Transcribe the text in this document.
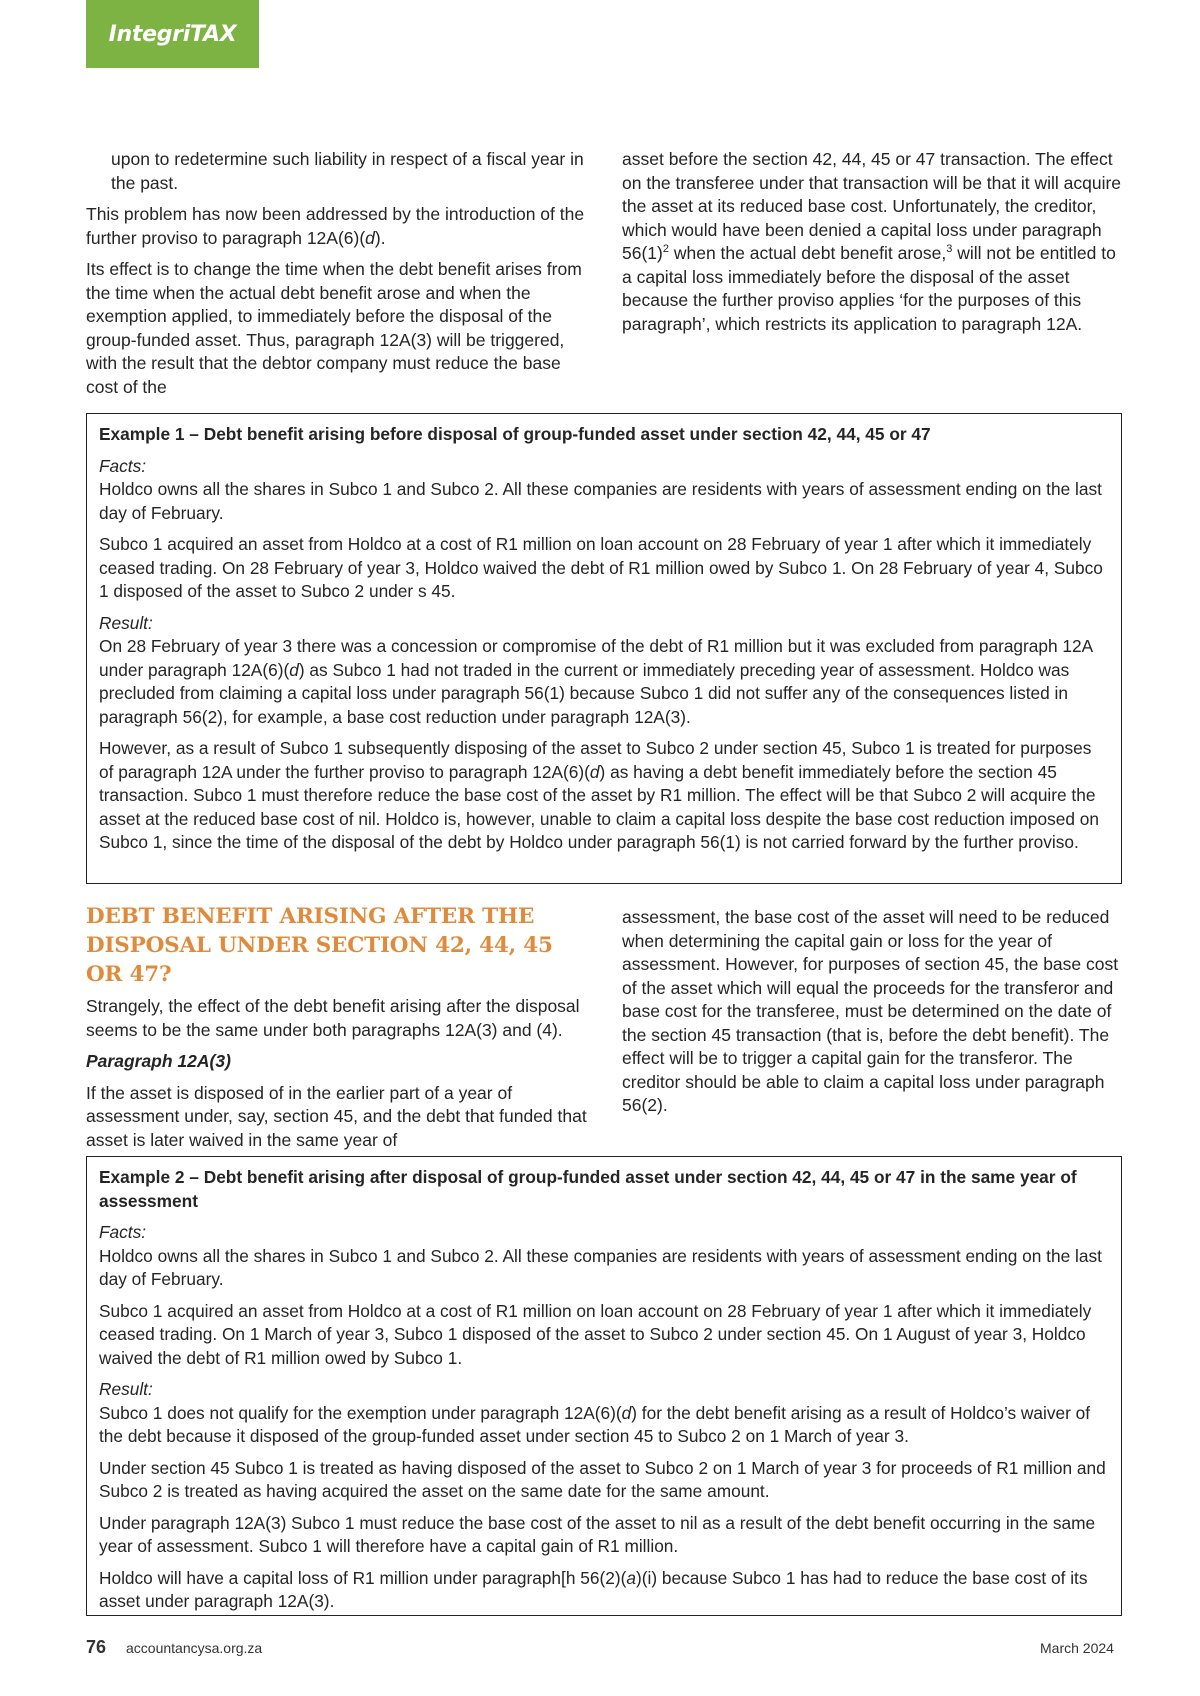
IntegriTAX

upon to redetermine such liability in respect of a fiscal year in the past.

This problem has now been addressed by the introduction of the further proviso to paragraph 12A(6)(d).

Its effect is to change the time when the debt benefit arises from the time when the actual debt benefit arose and when the exemption applied, to immediately before the disposal of the group-funded asset. Thus, paragraph 12A(3) will be triggered, with the result that the debtor company must reduce the base cost of the

asset before the section 42, 44, 45 or 47 transaction. The effect on the transferee under that transaction will be that it will acquire the asset at its reduced base cost. Unfortunately, the creditor, which would have been denied a capital loss under paragraph $56(1)^2$ when the actual debt benefit arose,$^3$ will not be entitled to a capital loss immediately before the disposal of the asset because the further proviso applies ‘for the purposes of this paragraph’, which restricts its application to paragraph 12A.

Example 1 – Debt benefit arising before disposal of group-funded asset under section 42, 44, 45 or 47

Facts:

Holdco owns all the shares in Subco 1 and Subco 2. All these companies are residents with years of assessment ending on the last day of February.

Subco 1 acquired an asset from Holdco at a cost of R1 million on loan account on 28 February of year 1 after which it immediately ceased trading. On 28 February of year 3, Holdco waived the debt of R1 million owed by Subco 1. On 28 February of year 4, Subco 1 disposed of the asset to Subco 2 under s 45.

Result:

On 28 February of year 3 there was a concession or compromise of the debt of R1 million but it was excluded from paragraph 12A under paragraph 12A(6)(d) as Subco 1 had not traded in the current or immediately preceding year of assessment. Holdco was precluded from claiming a capital loss under paragraph 56(1) because Subco 1 did not suffer any of the consequences listed in paragraph 56(2), for example, a base cost reduction under paragraph 12A(3).

However, as a result of Subco 1 subsequently disposing of the asset to Subco 2 under section 45, Subco 1 is treated for purposes of paragraph 12A under the further proviso to paragraph 12A(6)(d) as having a debt benefit immediately before the section 45 transaction. Subco 1 must therefore reduce the base cost of the asset by R1 million. The effect will be that Subco 2 will acquire the asset at the reduced base cost of nil. Holdco is, however, unable to claim a capital loss despite the base cost reduction imposed on Subco 1, since the time of the disposal of the debt by Holdco under paragraph 56(1) is not carried forward by the further proviso.

DEBT BENEFIT ARISING AFTER THE
DISPOSAL UNDER SECTION 42, 44, 45 OR 47?

Strangely, the effect of the debt benefit arising after the disposal seems to be the same under both paragraphs 12A(3) and (4).

Paragraph 12A(3)

If the asset is disposed of in the earlier part of a year of assessment under, say, section 45, and the debt that funded that asset is later waived in the same year of

assessment, the base cost of the asset will need to be reduced when determining the capital gain or loss for the year of assessment. However, for purposes of section 45, the base cost of the asset which will equal the proceeds for the transferor and base cost for the transferee, must be determined on the date of the section 45 transaction (that is, before the debt benefit). The effect will be to trigger a capital gain for the transferor. The creditor should be able to claim a capital loss under paragraph 56(2).

Example 2 – Debt benefit arising after disposal of group-funded asset under section 42, 44, 45 or 47 in the same year of assessment

Facts:

Holdco owns all the shares in Subco 1 and Subco 2. All these companies are residents with years of assessment ending on the last day of February.

Subco 1 acquired an asset from Holdco at a cost of R1 million on loan account on 28 February of year 1 after which it immediately ceased trading. On 1 March of year 3, Subco 1 disposed of the asset to Subco 2 under section 45. On 1 August of year 3, Holdco waived the debt of R1 million owed by Subco 1.

Result:

Subco 1 does not qualify for the exemption under paragraph 12A(6)(d) for the debt benefit arising as a result of Holdco’s waiver of the debt because it disposed of the group-funded asset under section 45 to Subco 2 on 1 March of year 3.

Under section 45 Subco 1 is treated as having disposed of the asset to Subco 2 on 1 March of year 3 for proceeds of R1 million and Subco 2 is treated as having acquired the asset on the same date for the same amount.

Under paragraph 12A(3) Subco 1 must reduce the base cost of the asset to nil as a result of the debt benefit occurring in the same year of assessment. Subco 1 will therefore have a capital gain of R1 million.

Holdco will have a capital loss of R1 million under paragraph[h 56(2)(a)(i) because Subco 1 has had to reduce the base cost of its asset under paragraph 12A(3).

76 accountancysa.org.za	March 2024
